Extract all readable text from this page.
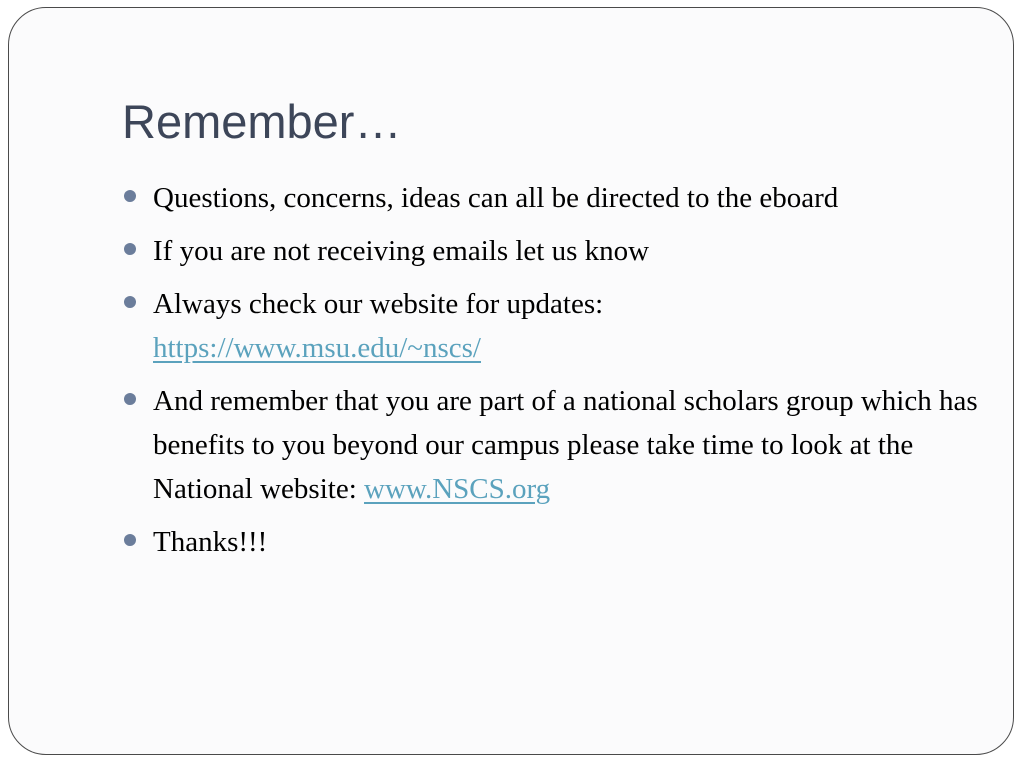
Remember…
Questions, concerns, ideas can all be directed to the eboard
If you are not receiving emails let us know
Always check our website for updates:
https://www.msu.edu/~nscs/
And remember that you are part of a national scholars group which has benefits to you beyond our campus please take time to look at the National website: www.NSCS.org
Thanks!!!
